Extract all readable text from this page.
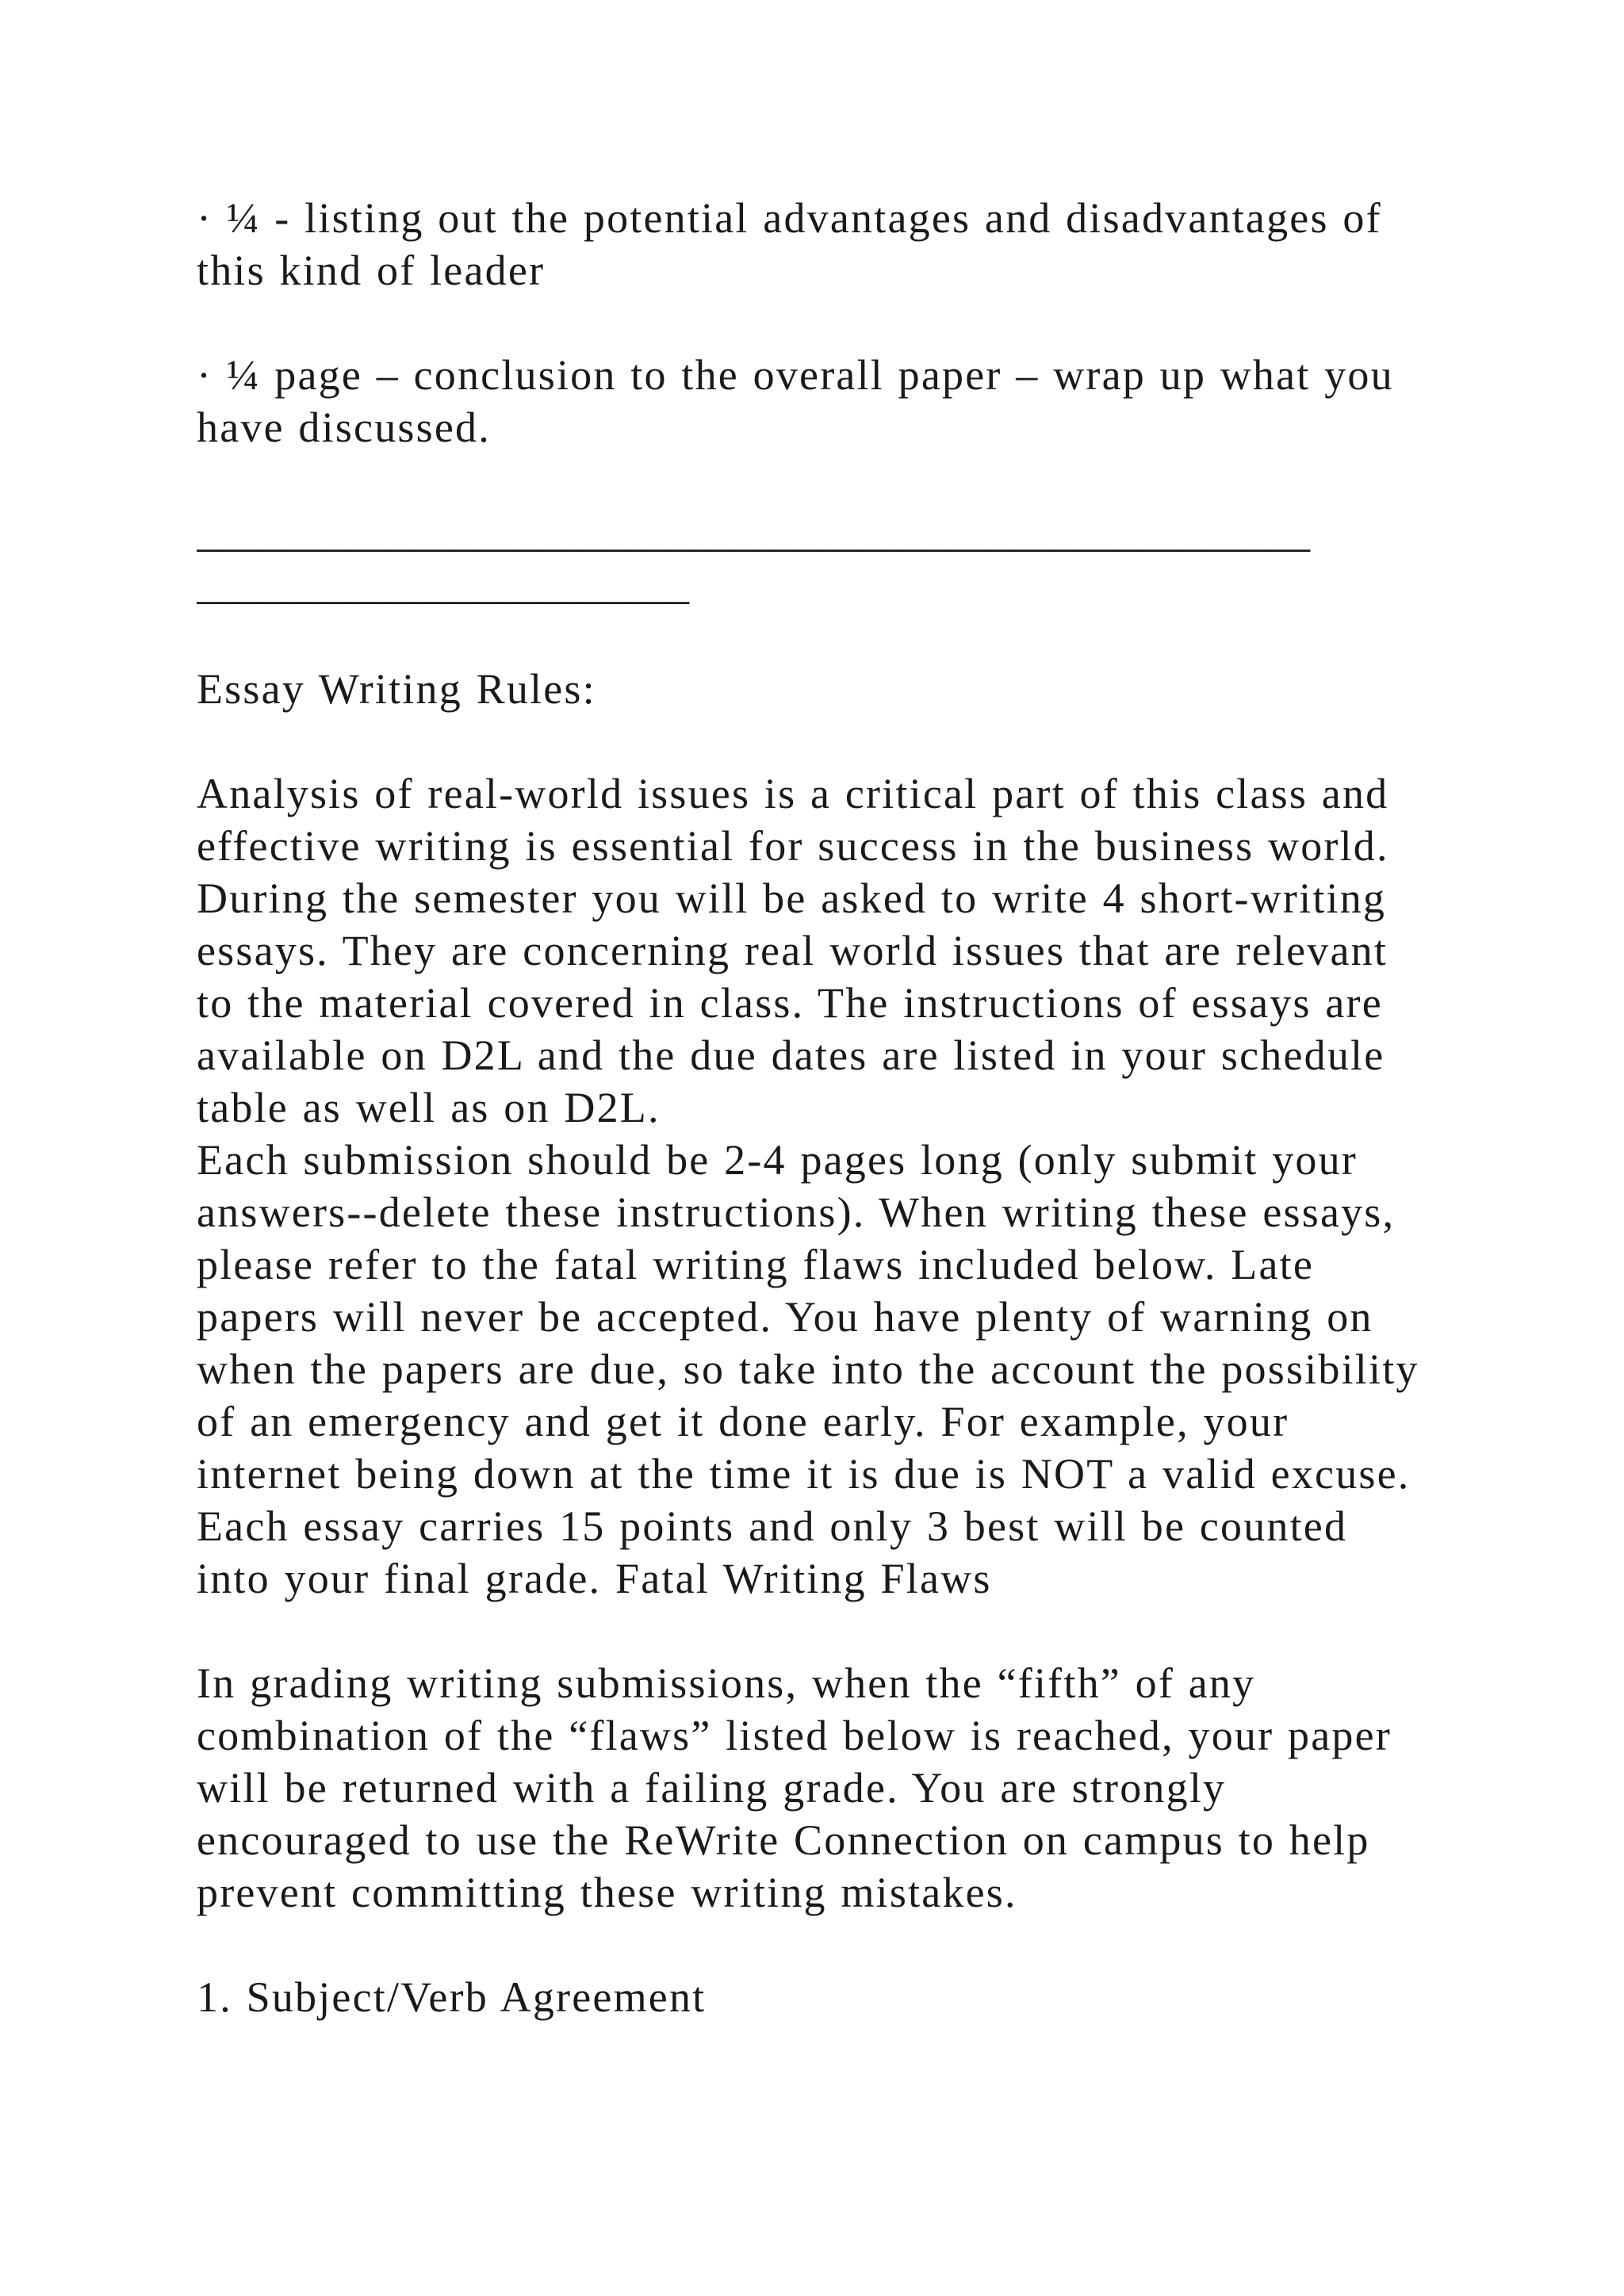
· ¼ - listing out the potential advantages and disadvantages of
this kind of leader
· ¼ page – conclusion to the overall paper – wrap up what you
have discussed.
____________________________________________________
_______________________
Essay Writing Rules:
Analysis of real-world issues is a critical part of this class and
effective writing is essential for success in the business world.
During the semester you will be asked to write 4 short-writing
essays. They are concerning real world issues that are relevant
to the material covered in class. The instructions of essays are
available on D2L and the due dates are listed in your schedule
table as well as on D2L.
Each submission should be 2-4 pages long (only submit your
answers--delete these instructions). When writing these essays,
please refer to the fatal writing flaws included below. Late
papers will never be accepted. You have plenty of warning on
when the papers are due, so take into the account the possibility
of an emergency and get it done early. For example, your
internet being down at the time it is due is NOT a valid excuse.
Each essay carries 15 points and only 3 best will be counted
into your final grade. Fatal Writing Flaws
In grading writing submissions, when the “fifth” of any
combination of the “flaws” listed below is reached, your paper
will be returned with a failing grade. You are strongly
encouraged to use the ReWrite Connection on campus to help
prevent committing these writing mistakes.
1. Subject/Verb Agreement
